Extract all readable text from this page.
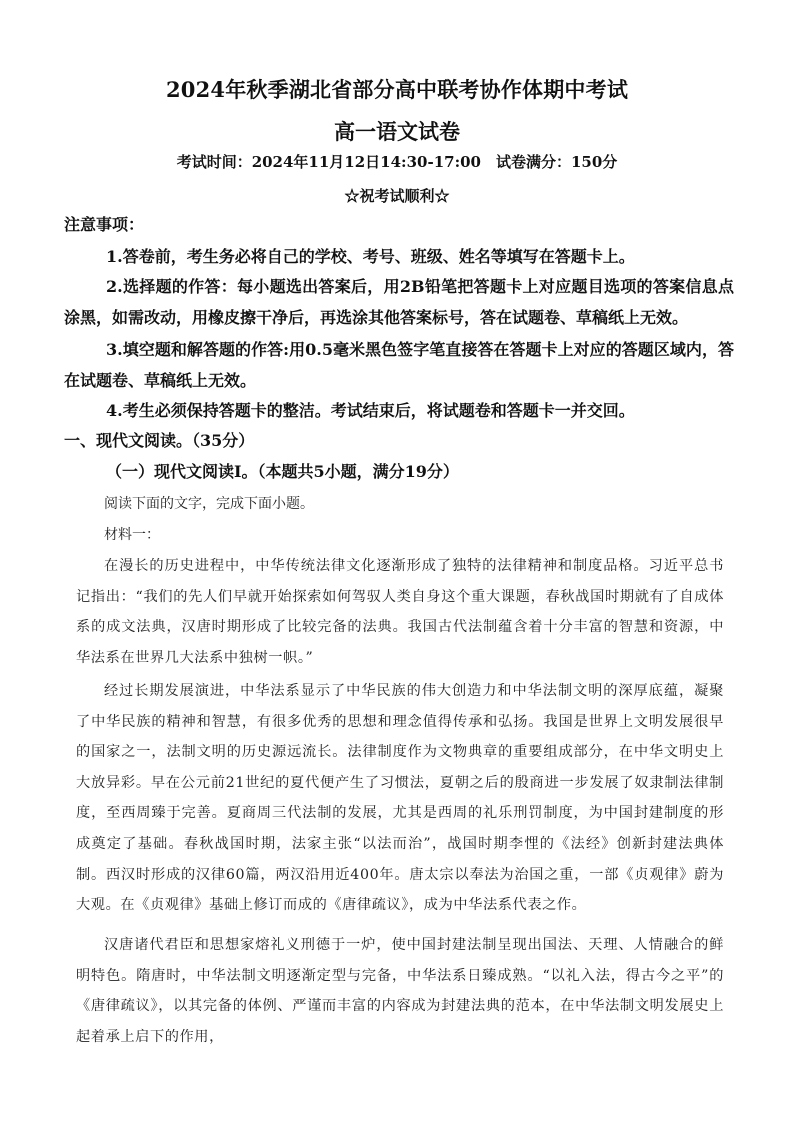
2024年秋季湖北省部分高中联考协作体期中考试
高一语文试卷
考试时间：2024年11月12日14:30-17:00　试卷满分：150分
☆祝考试顺利☆
注意事项：
1.答卷前，考生务必将自己的学校、考号、班级、姓名等填写在答题卡上。
2.选择题的作答：每小题选出答案后，用2B铅笔把答题卡上对应题目选项的答案信息点涂黑，如需改动，用橡皮擦干净后，再选涂其他答案标号，答在试题卷、草稿纸上无效。
3.填空题和解答题的作答:用0.5毫米黑色签字笔直接答在答题卡上对应的答题区域内，答在试题卷、草稿纸上无效。
4.考生必须保持答题卡的整洁。考试结束后，将试题卷和答题卡一并交回。
一、现代文阅读。（35分）
（一）现代文阅读Ⅰ。（本题共5小题，满分19分）
阅读下面的文字，完成下面小题。
材料一：
在漫长的历史进程中，中华传统法律文化逐渐形成了独特的法律精神和制度品格。习近平总书记指出：“我们的先人们早就开始探索如何驾驭人类自身这个重大课题，春秋战国时期就有了自成体系的成文法典，汉唐时期形成了比较完备的法典。我国古代法制蕴含着十分丰富的智慧和资源，中华法系在世界几大法系中独树一帜。”
经过长期发展演进，中华法系显示了中华民族的伟大创造力和中华法制文明的深厚底蕴，凝聚了中华民族的精神和智慧，有很多优秀的思想和理念值得传承和弘扬。我国是世界上文明发展很早的国家之一，法制文明的历史源远流长。法律制度作为文物典章的重要组成部分，在中华文明史上大放异彩。早在公元前21世纪的夏代便产生了习惯法，夏朝之后的殷商进一步发展了奴隶制法律制度，至西周臻于完善。夏商周三代法制的发展，尤其是西周的礼乐刑罚制度，为中国封建制度的形成奠定了基础。春秋战国时期，法家主张“以法而治”，战国时期李悝的《法经》创新封建法典体制。西汉时形成的汉律60篇，两汉沿用近400年。唐太宗以奉法为治国之重，一部《贞观律》蔚为大观。在《贞观律》基础上修订而成的《唐律疏议》，成为中华法系代表之作。
汉唐诸代君臣和思想家熔礼义刑德于一炉，使中国封建法制呈现出国法、天理、人情融合的鲜明特色。隋唐时，中华法制文明逐渐定型与完备，中华法系日臻成熟。“以礼入法，得古今之平”的《唐律疏议》，以其完备的体例、严谨而丰富的内容成为封建法典的范本，在中华法制文明发展史上起着承上启下的作用，
